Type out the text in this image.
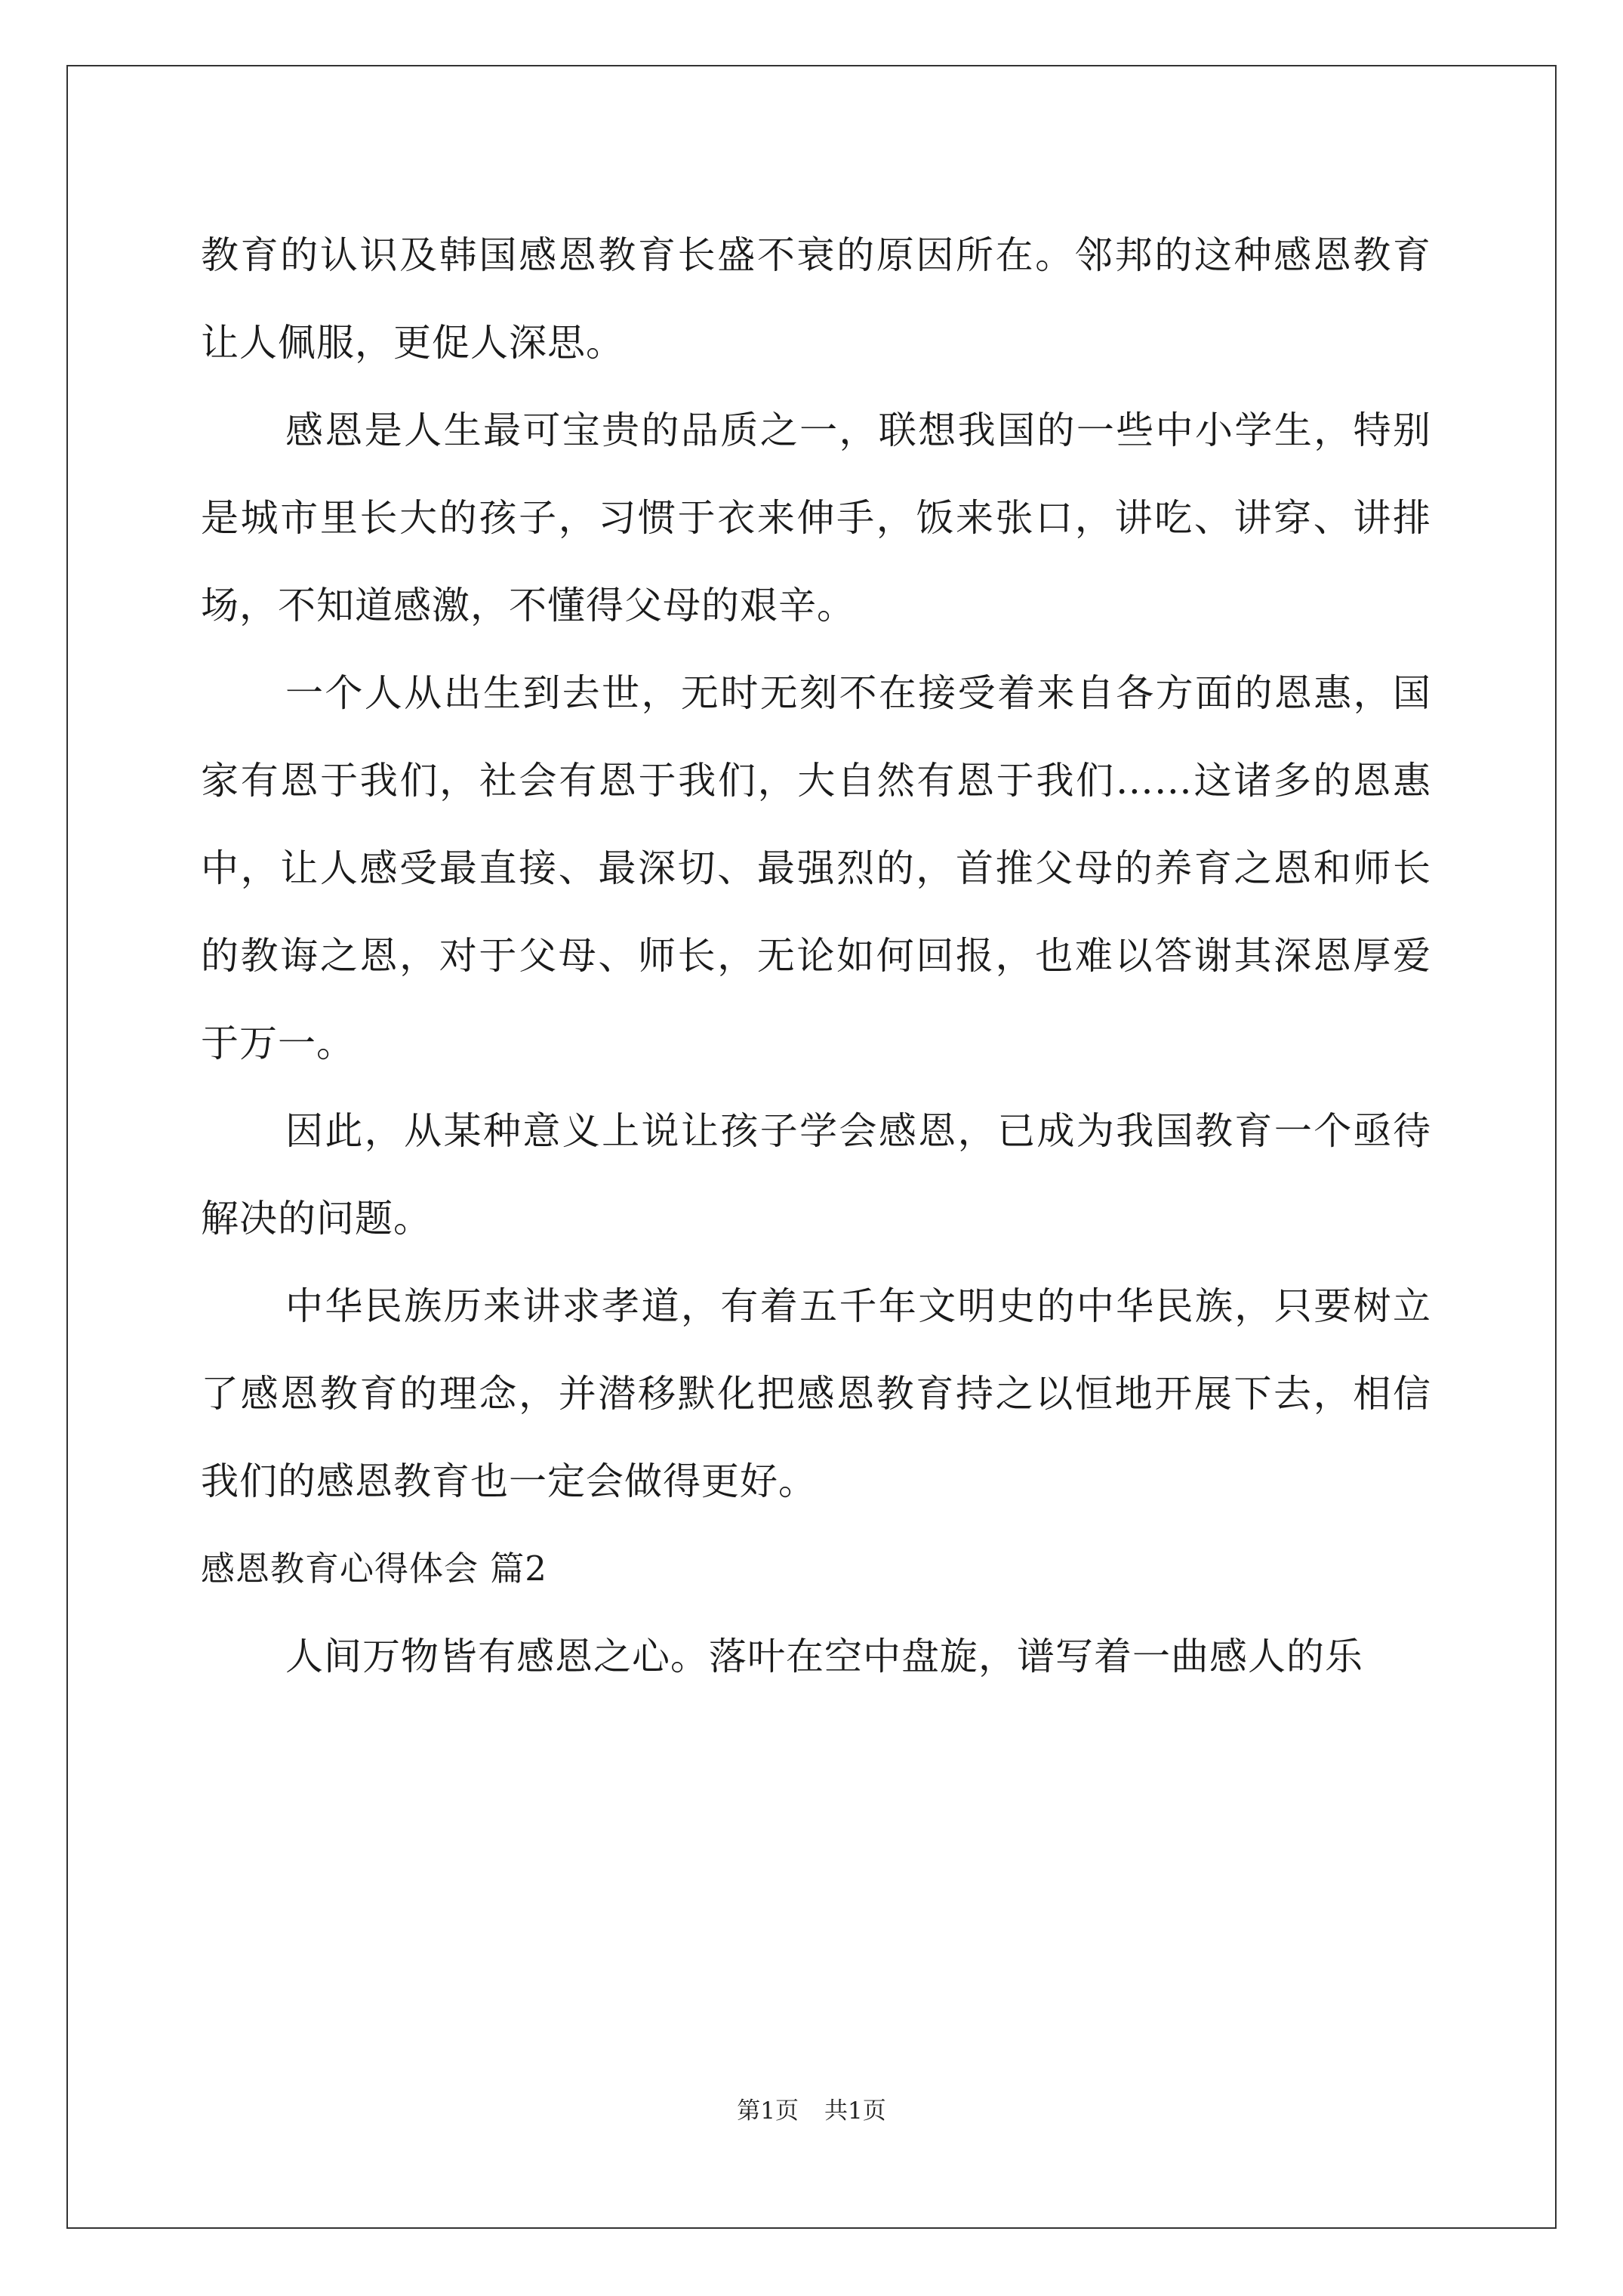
教育的认识及韩国感恩教育长盛不衰的原因所在。邻邦的这种感恩教育让人佩服，更促人深思。

感恩是人生最可宝贵的品质之一，联想我国的一些中小学生，特别是城市里长大的孩子，习惯于衣来伸手，饭来张口，讲吃、讲穿、讲排场，不知道感激，不懂得父母的艰辛。

一个人从出生到去世，无时无刻不在接受着来自各方面的恩惠，国家有恩于我们，社会有恩于我们，大自然有恩于我们……这诸多的恩惠中，让人感受最直接、最深切、最强烈的，首推父母的养育之恩和师长的教诲之恩，对于父母、师长，无论如何回报，也难以答谢其深恩厚爱于万一。

因此，从某种意义上说让孩子学会感恩，已成为我国教育一个亟待解决的问题。

中华民族历来讲求孝道，有着五千年文明史的中华民族，只要树立了感恩教育的理念，并潜移默化把感恩教育持之以恒地开展下去，相信我们的感恩教育也一定会做得更好。

感恩教育心得体会 篇2

人间万物皆有感恩之心。落叶在空中盘旋，谱写着一曲感人的乐

第1页 共1页
